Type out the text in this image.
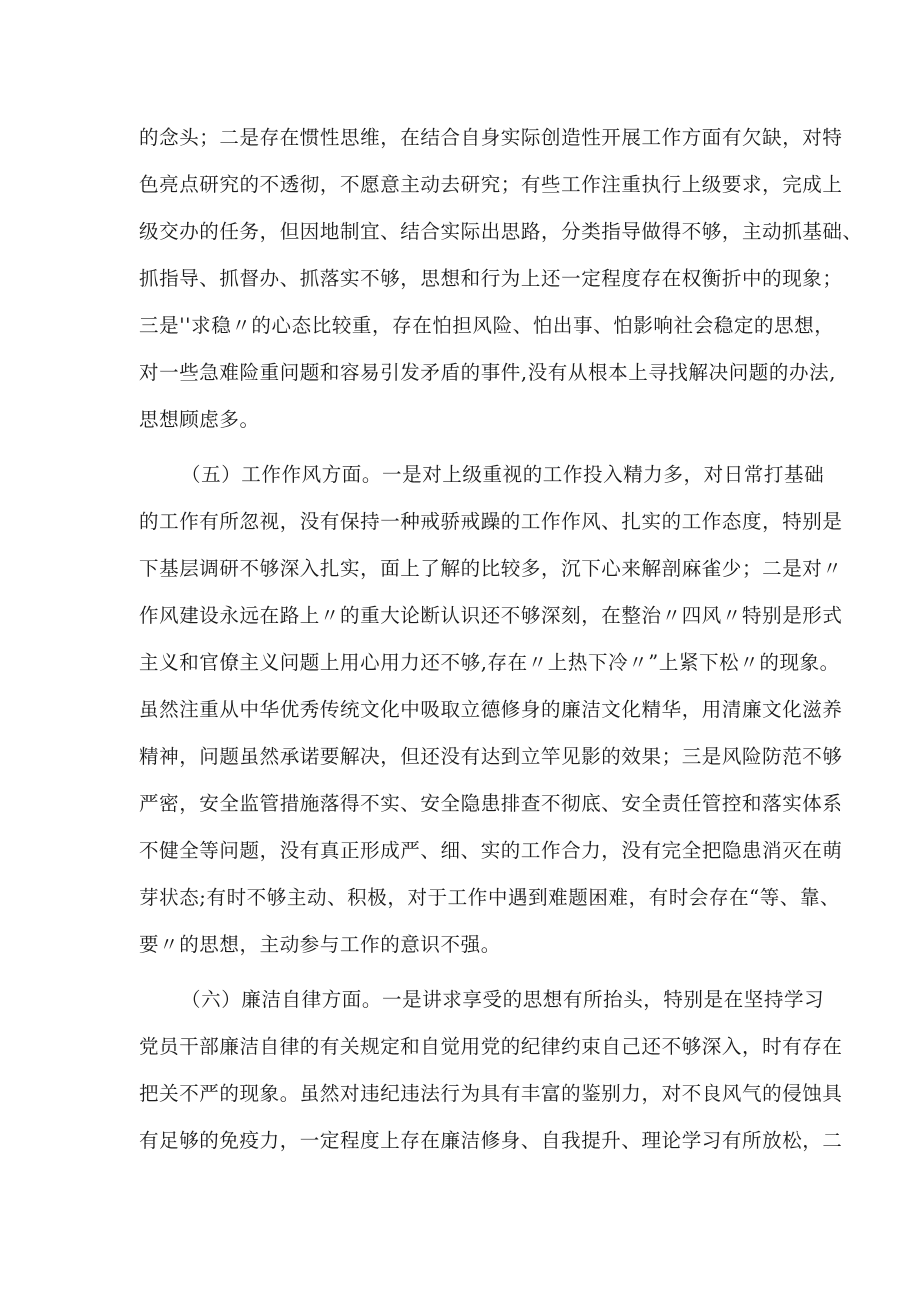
的念头；二是存在惯性思维，在结合自身实际创造性开展工作方面有欠缺，对特
色亮点研究的不透彻，不愿意主动去研究；有些工作注重执行上级要求，完成上
级交办的任务，但因地制宜、结合实际出思路，分类指导做得不够，主动抓基础、
抓指导、抓督办、抓落实不够，思想和行为上还一定程度存在权衡折中的现象；
三是''求稳〃的心态比较重，存在怕担风险、怕出事、怕影响社会稳定的思想，
对一些急难险重问题和容易引发矛盾的事件,没有从根本上寻找解决问题的办法,
思想顾虑多。
（五）工作作风方面。一是对上级重视的工作投入精力多，对日常打基础
的工作有所忽视，没有保持一种戒骄戒躁的工作作风、扎实的工作态度，特别是
下基层调研不够深入扎实，面上了解的比较多，沉下心来解剖麻雀少；二是对〃
作风建设永远在路上〃的重大论断认识还不够深刻，在整治〃四风〃特别是形式
主义和官僚主义问题上用心用力还不够,存在〃上热下冷〃”上紧下松〃的现象。
虽然注重从中华优秀传统文化中吸取立德修身的廉洁文化精华，用清廉文化滋养
精神，问题虽然承诺要解决，但还没有达到立竿见影的效果；三是风险防范不够
严密，安全监管措施落得不实、安全隐患排查不彻底、安全责任管控和落实体系
不健全等问题，没有真正形成严、细、实的工作合力，没有完全把隐患消灭在萌
芽状态;有时不够主动、积极，对于工作中遇到难题困难，有时会存在“等、靠、
要〃的思想，主动参与工作的意识不强。
（六）廉洁自律方面。一是讲求享受的思想有所抬头，特别是在坚持学习
党员干部廉洁自律的有关规定和自觉用党的纪律约束自己还不够深入，时有存在
把关不严的现象。虽然对违纪违法行为具有丰富的鉴别力，对不良风气的侵蚀具
有足够的免疫力，一定程度上存在廉洁修身、自我提升、理论学习有所放松，二
